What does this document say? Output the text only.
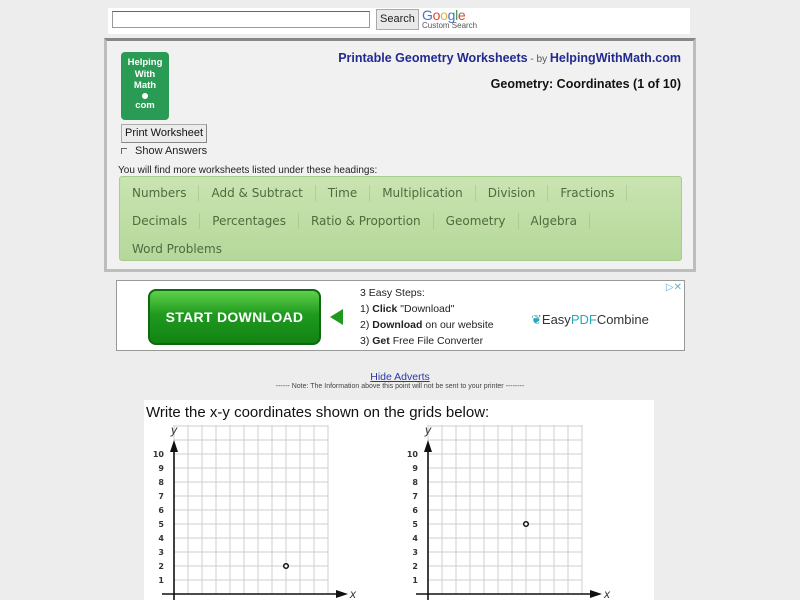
Search Google
Custom Search
Helping
With
Math
com
Print Worksheet
Show Answers
Printable Geometry Worksheets - by HelpingWithMath.com
Geometry: Coordinates (1 of 10)
You will find more worksheets listed under these headings:
Numbers	Add & Subtract	Time	Multiplication	Division	Fractions
Decimals	Percentages	Ratio & Proportion	Geometry	Algebra
Word Problems
START DOWNLOAD
3 Easy Steps:
1) Click "Download"
2) Download on our website
3) Get Free File Converter
❦EasyPDFCombine
▷✕
Hide Adverts
------ Note: The Information above this point will not be sent to your printer --------
Write the x-y coordinates shown on the grids below:
y
x
10
9
8
7
6
5
4
3
2
1
y
x
10
9
8
7
6
5
4
3
2
1
